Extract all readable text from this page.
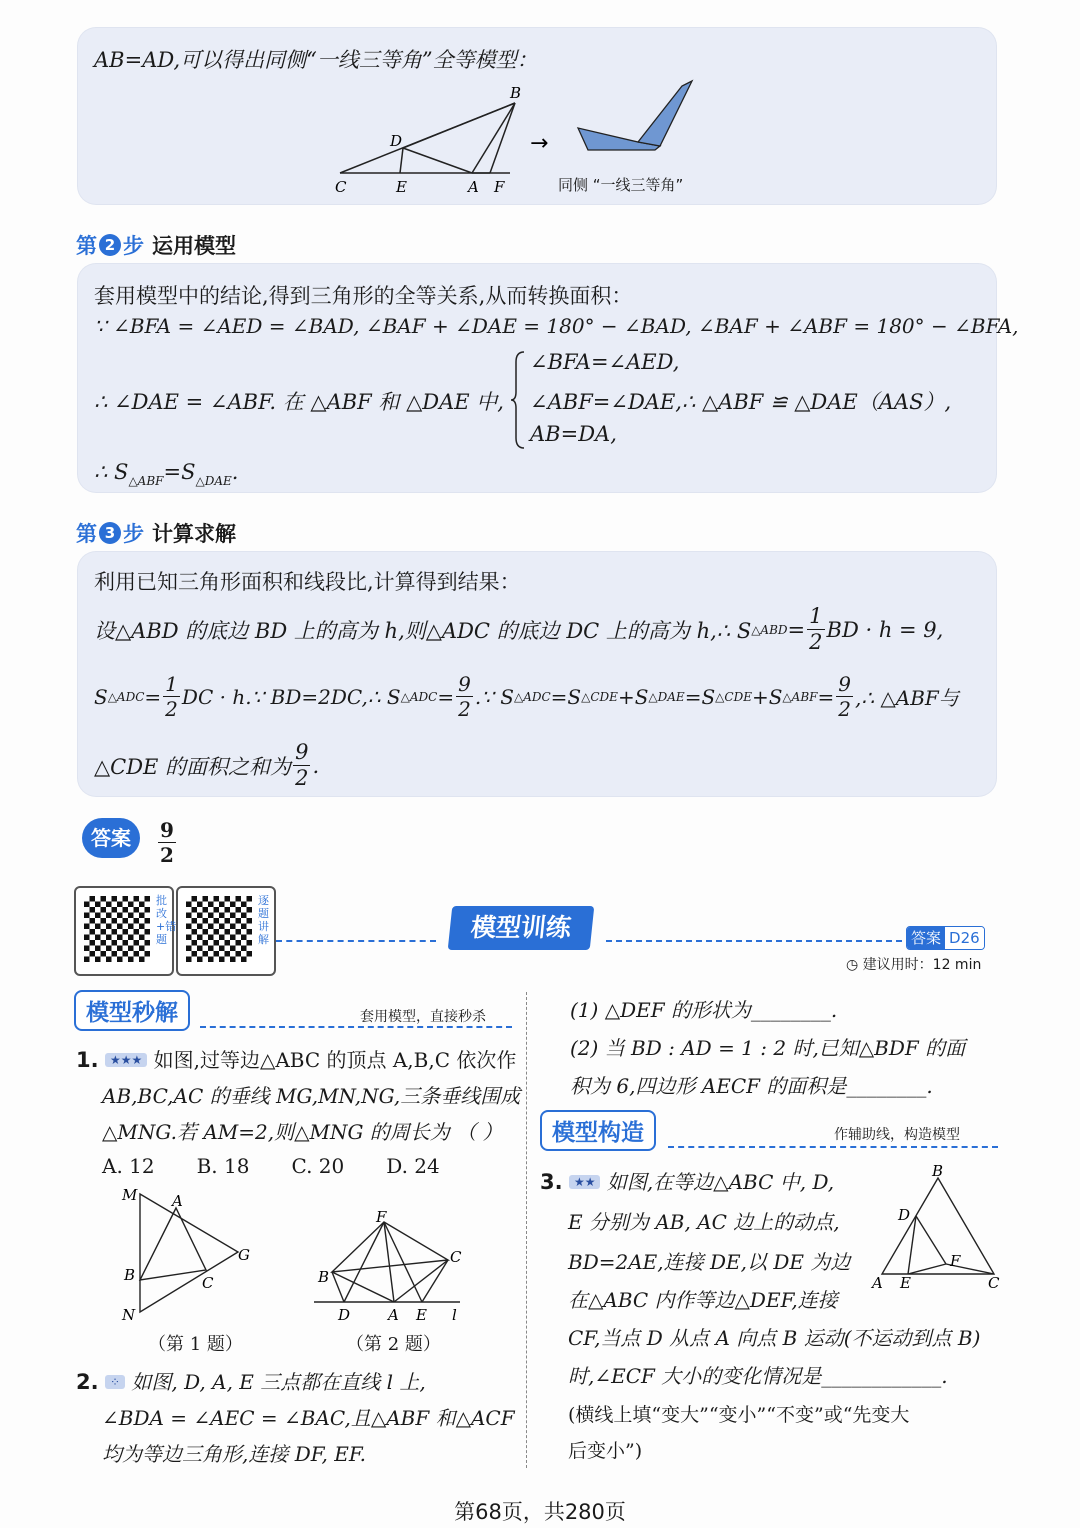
AB=AD,可以得出同侧“一线三等角”全等模型：
B
D
C	E	A F
→
同侧 “一线三等角”
第 2 步 运用模型
套用模型中的结论,得到三角形的全等关系,从而转换面积：
∵ ∠BFA = ∠AED = ∠BAD, ∠BAF + ∠DAE = 180° − ∠BAD, ∠BAF + ∠ABF = 180° − ∠BFA,
∴ ∠DAE = ∠ABF. 在 △ABF 和 △DAE 中,
∠BFA=∠AED,
∠ABF=∠DAE,∴ △ABF ≌ △DAE（AAS）,
AB=DA,
∴ $S_{\triangle ABF}=S_{\triangle DAE}$.
第 3 步 计算求解
利用已知三角形面积和线段比,计算得到结果：
设△ABD 的底边 BD 上的高为 h,则△ADC 的底边 DC 上的高为 h,∴ S △ABD = $\frac{1}{2}$ BD · h = 9,
S △ADC = $\frac{1}{2}$ DC · h.∵ BD=2DC,∴ S △ADC = $\frac{9}{2}$ .∵ S △ADC =S △CDE +S △DAE =S △CDE +S △ABF = $\frac{9}{2}$ ,∴ △ABF与
△CDE 的面积之和为 $\frac{9}{2}$ .
答案	$\frac{9}{2}$
批改+错题
逐题讲解	模型训练	答案 D26
◷ 建议用时：12 min
模型秒解	套用模型，直接秒杀
1. ★★★ 如图,过等边△ABC 的顶点 A,B,C 依次作
AB,BC,AC 的垂线 MG,MN,NG,三条垂线围成
△MNG.若 AM=2,则△MNG 的周长为 （ ）
A. 12 B. 18 C. 20 D. 24
M A
G
B	C
N
（第 1 题）
F
B
C
D	A E l
（第 2 题）
2. ⁘ 如图, D, A, E 三点都在直线 l 上,
∠BDA = ∠AEC = ∠BAC,且△ABF 和△ACF
均为等边三角形,连接 DF, EF.
(1) △DEF 的形状为________.
(2) 当 BD : AD = 1 : 2 时,已知△BDF 的面
积为 6,四边形 AECF 的面积是________.
模型构造	作辅助线，构造模型
3. ★★ 如图,在等边△ABC 中, D,
E 分别为 AB, AC 边上的动点,
BD=2AE,连接 DE,以 DE 为边
在△ABC 内作等边△DEF,连接
CF,当点 D 从点 A 向点 B 运动(不运动到点 B)
时,∠ECF 大小的变化情况是____________.
(横线上填“变大”“变小”“不变”或“先变大
后变小”)
B
D
F
A E	C
第68页，共280页
